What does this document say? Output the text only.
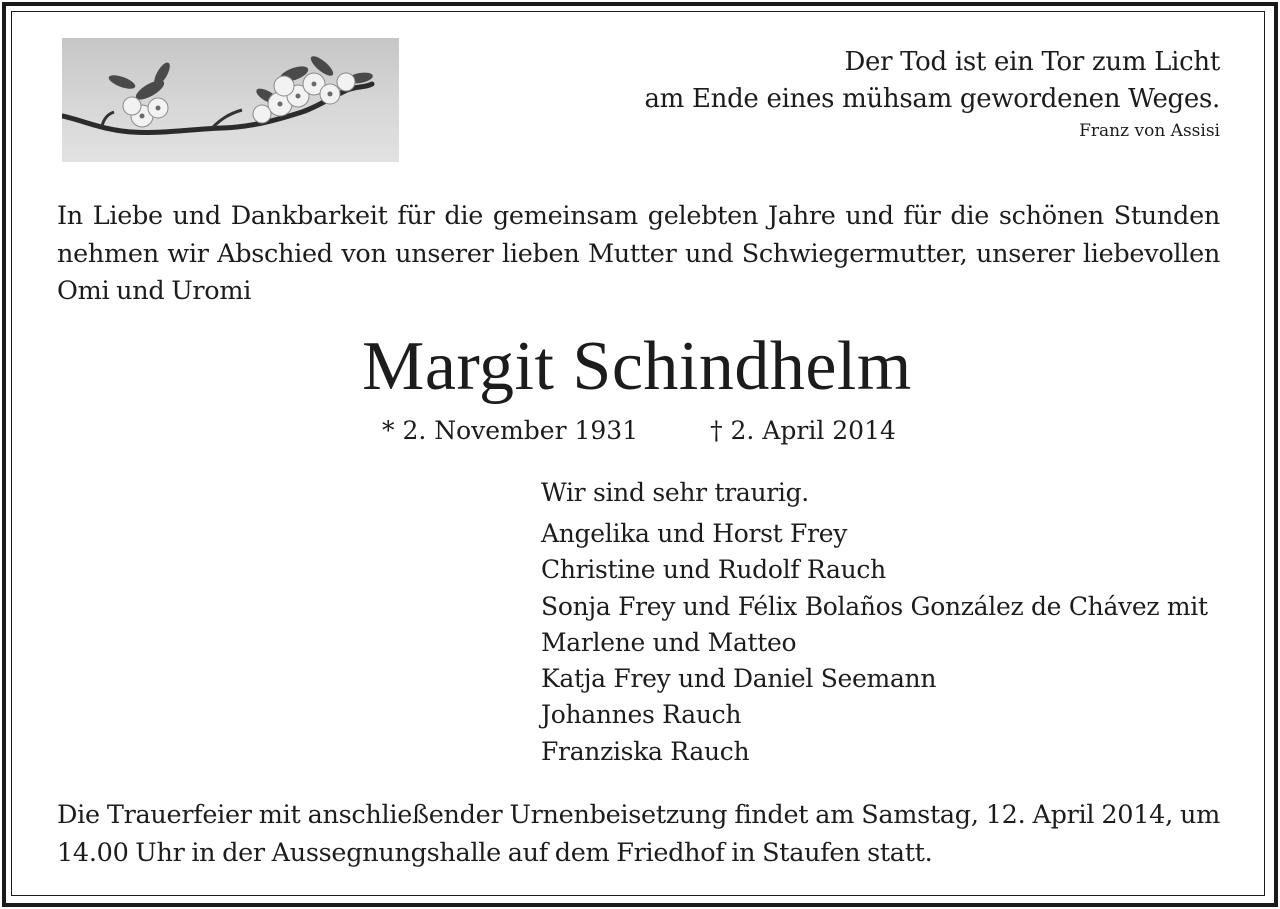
Der Tod ist ein Tor zum Licht
am Ende eines mühsam gewordenen Weges.
Franz von Assisi
In Liebe und Dankbarkeit für die gemeinsam gelebten Jahre und für die schönen Stunden nehmen wir Abschied von unserer lieben Mutter und Schwiegermutter, unserer liebevollen Omi und Uromi
Margit Schindhelm
* 2. November 1931	† 2. April 2014
Wir sind sehr traurig.
Angelika und Horst Frey
Christine und Rudolf Rauch
Sonja Frey und Félix Bolaños González de Chávez mit
Marlene und Matteo
Katja Frey und Daniel Seemann
Johannes Rauch
Franziska Rauch
Die Trauerfeier mit anschließender Urnenbeisetzung findet am Samstag, 12. April 2014, um 14.00 Uhr in der Aussegnungshalle auf dem Friedhof in Staufen statt.
